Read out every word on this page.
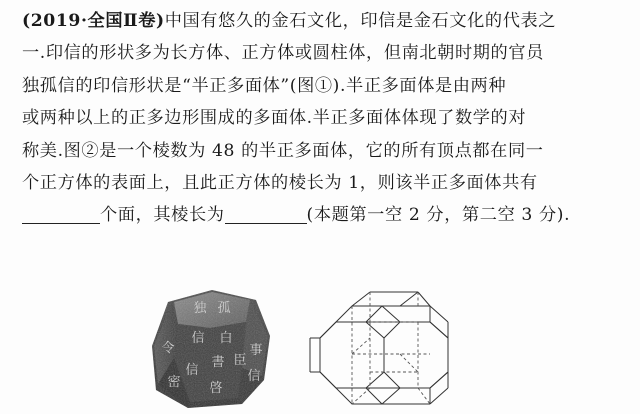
(2019·全国Ⅱ卷)中国有悠久的金石文化，印信是金石文化的代表之
一.印信的形状多为长方体、正方体或圆柱体，但南北朝时期的官员
独孤信的印信形状是“半正多面体”(图①).半正多面体是由两种
或两种以上的正多边形围成的多面体.半正多面体体现了数学的对
称美.图②是一个棱数为 48 的半正多面体，它的所有顶点都在同一
个正方体的表面上，且此正方体的棱长为 1，则该半正多面体共有
个面，其棱长为	(本题第一空 2 分，第二空 3 分).
独 孤
信 白
書 臣
信
啓
事
令
信
密
